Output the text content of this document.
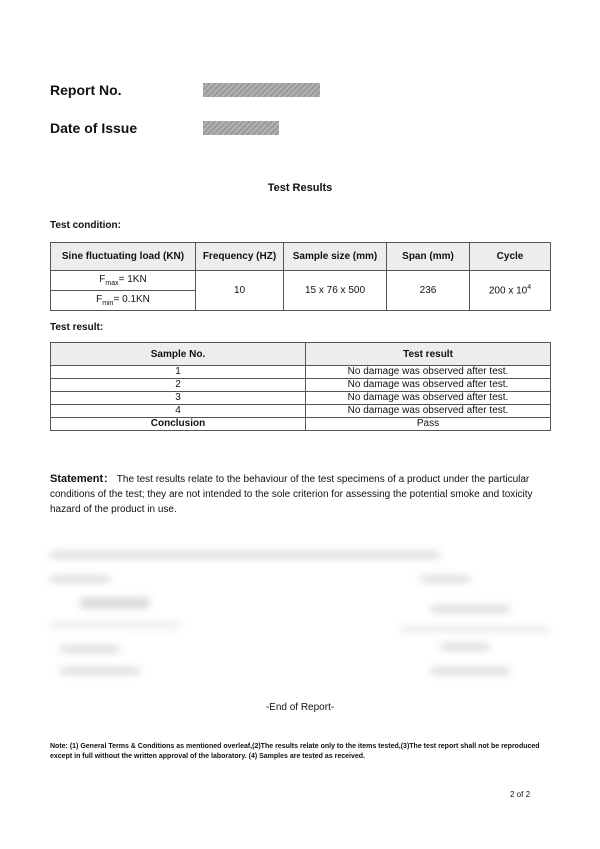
Report No.
Date of Issue
Test Results
Test condition:
Sine fluctuating load (KN)	Frequency (HZ)	Sample size (mm)	Span (mm)	Cycle
$F_{max}= 1KN$	10	15 x 76 x 500	236	200 x $10^4$
$F_{min}= 0.1KN$				
Test result:
Sample No.	Test result
1	No damage was observed after test.
2	No damage was observed after test.
3	No damage was observed after test.
4	No damage was observed after test.
Conclusion	Pass
Statement： The test results relate to the behaviour of the test specimens of a product under the particular conditions of the test; they are not intended to the sole criterion for assessing the potential smoke and toxicity hazard of the product in use.
-End of Report-
Note: (1) General Terms & Conditions as mentioned overleaf,(2)The results relate only to the items tested,(3)The test report shall not be reproduced except in full without the written approval of the laboratory. (4) Samples are tested as received.
2 of 2
